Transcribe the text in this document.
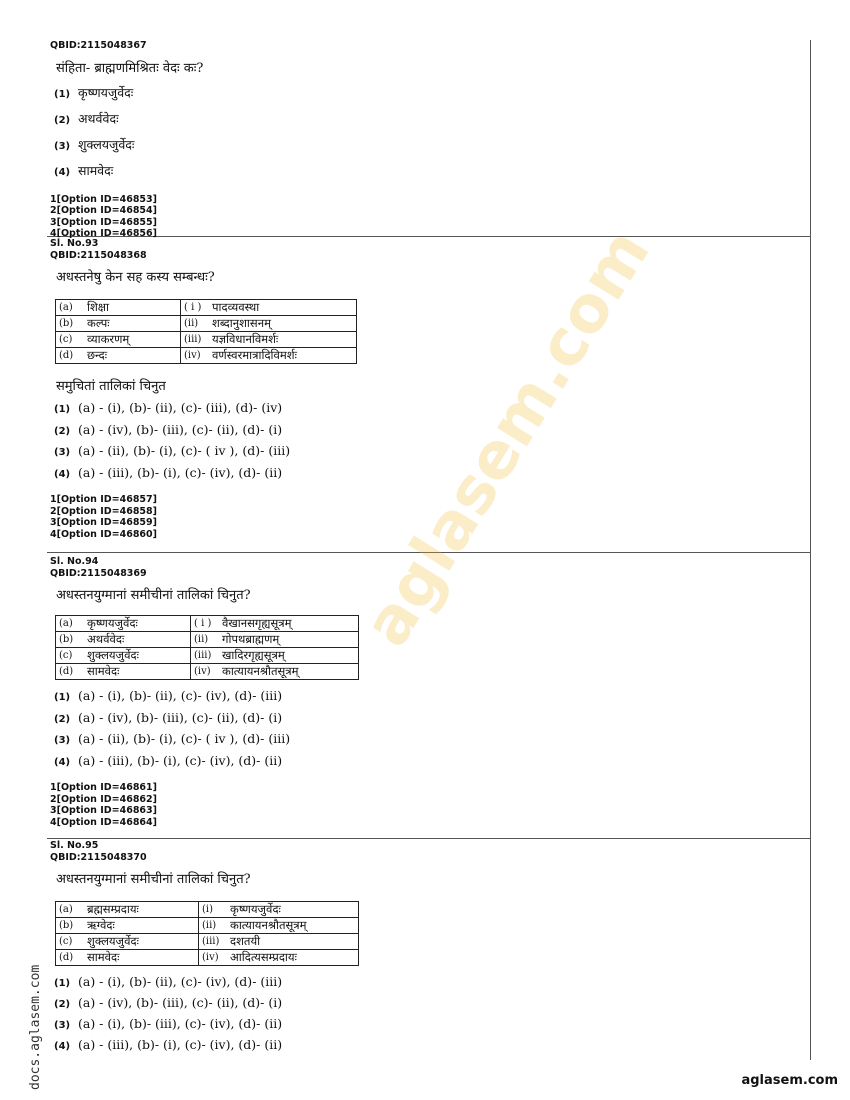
QBID:2115048367
संहिता- ब्राह्मणमिश्रितः वेदः कः?
(1) कृष्णयजुर्वेदः
(2) अथर्ववेदः
(3) शुक्लयजुर्वेदः
(4) सामवेदः
1[Option ID=46853]
2[Option ID=46854]
3[Option ID=46855]
4[Option ID=46856]
Sl. No.93
QBID:2115048368
अधस्तनेषु केन सह कस्य सम्बन्धः?
(a)	शिक्षा	( i )	पादव्यवस्था
(b)	कल्पः	(ii)	शब्दानुशासनम्
(c)	व्याकरणम्	(iii)	यज्ञविधानविमर्शः
(d)	छन्दः	(iv)	वर्णस्वरमात्रादिविमर्शः
समुचितां तालिकां चिनुत
(1) (a) - (i), (b)- (ii), (c)- (iii), (d)- (iv)
(2) (a) - (iv), (b)- (iii), (c)- (ii), (d)- (i)
(3) (a) - (ii), (b)- (i), (c)- ( iv ), (d)- (iii)
(4) (a) - (iii), (b)- (i), (c)- (iv), (d)- (ii)
1[Option ID=46857]
2[Option ID=46858]
3[Option ID=46859]
4[Option ID=46860]
Sl. No.94
QBID:2115048369
अधस्तनयुग्मानां समीचीनां तालिकां चिनुत?
(a)	कृष्णयजुर्वेदः	( i )	वैखानसगृह्यसूत्रम्
(b)	अथर्ववेदः	(ii)	गोपथब्राह्मणम्
(c)	शुक्लयजुर्वेदः	(iii)	खादिरगृह्यसूत्रम्
(d)	सामवेदः	(iv)	कात्यायनश्रौतसूत्रम्
(1) (a) - (i), (b)- (ii), (c)- (iv), (d)- (iii)
(2) (a) - (iv), (b)- (iii), (c)- (ii), (d)- (i)
(3) (a) - (ii), (b)- (i), (c)- ( iv ), (d)- (iii)
(4) (a) - (iii), (b)- (i), (c)- (iv), (d)- (ii)
1[Option ID=46861]
2[Option ID=46862]
3[Option ID=46863]
4[Option ID=46864]
Sl. No.95
QBID:2115048370
अधस्तनयुग्मानां समीचीनां तालिकां चिनुत?
(a)	ब्रह्मसम्प्रदायः	(i)	कृष्णयजुर्वेदः
(b)	ऋग्वेदः	(ii)	कात्यायनश्रौतसूत्रम्
(c)	शुक्लयजुर्वेदः	(iii)	दशतयी
(d)	सामवेदः	(iv)	आदित्यसम्प्रदायः
(1) (a) - (i), (b)- (ii), (c)- (iv), (d)- (iii)
(2) (a) - (iv), (b)- (iii), (c)- (ii), (d)- (i)
(3) (a) - (i), (b)- (iii), (c)- (iv), (d)- (ii)
(4) (a) - (iii), (b)- (i), (c)- (iv), (d)- (ii)
aglasem.com
docs.aglasem.com	aglasem.com
